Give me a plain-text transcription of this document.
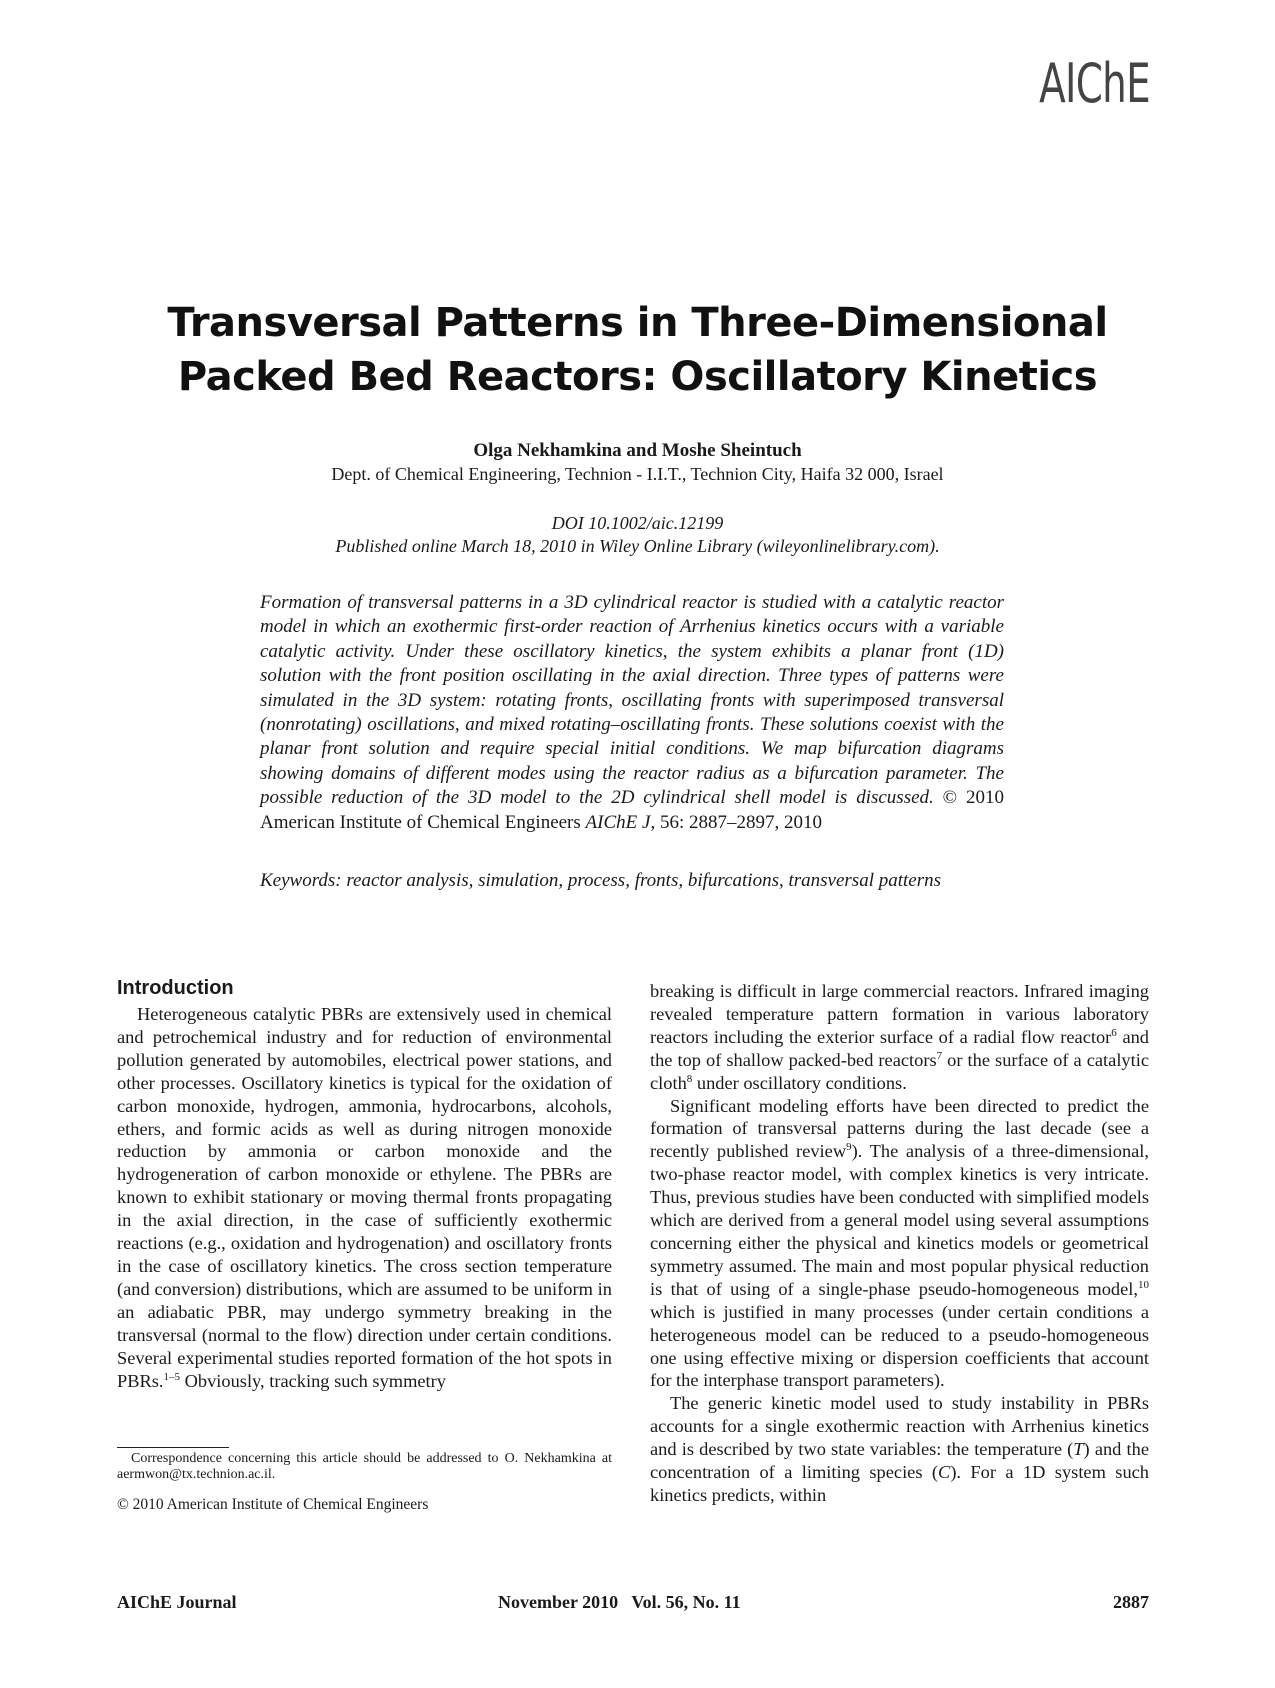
AIChE
Transversal Patterns in Three-Dimensional
Packed Bed Reactors: Oscillatory Kinetics
Olga Nekhamkina and Moshe Sheintuch
Dept. of Chemical Engineering, Technion - I.I.T., Technion City, Haifa 32 000, Israel
DOI 10.1002/aic.12199
Published online March 18, 2010 in Wiley Online Library (wileyonlinelibrary.com).
Formation of transversal patterns in a 3D cylindrical reactor is studied with a catalytic reactor model in which an exothermic first-order reaction of Arrhenius kinetics occurs with a variable catalytic activity. Under these oscillatory kinetics, the system exhibits a planar front (1D) solution with the front position oscillating in the axial direction. Three types of patterns were simulated in the 3D system: rotating fronts, oscillating fronts with superimposed transversal (nonrotating) oscillations, and mixed rotating–oscillating fronts. These solutions coexist with the planar front solution and require special initial conditions. We map bifurcation diagrams showing domains of different modes using the reactor radius as a bifurcation parameter. The possible reduction of the 3D model to the 2D cylindrical shell model is discussed. © 2010 American Institute of Chemical Engineers AIChE J, 56: 2887–2897, 2010
Keywords: reactor analysis, simulation, process, fronts, bifurcations, transversal patterns
Introduction

Heterogeneous catalytic PBRs are extensively used in chemical and petrochemical industry and for reduction of environmental pollution generated by automobiles, electrical power stations, and other processes. Oscillatory kinetics is typical for the oxidation of carbon monoxide, hydrogen, ammonia, hydrocarbons, alcohols, ethers, and formic acids as well as during nitrogen monoxide reduction by ammonia or carbon monoxide and the hydrogeneration of carbon monoxide or ethylene. The PBRs are known to exhibit stationary or moving thermal fronts propagating in the axial direction, in the case of sufficiently exothermic reactions (e.g., oxidation and hydrogenation) and oscillatory fronts in the case of oscillatory kinetics. The cross section temperature (and conversion) distributions, which are assumed to be uniform in an adiabatic PBR, may undergo symmetry breaking in the transversal (normal to the flow) direction under certain conditions. Several experimental studies reported formation of the hot spots in PBRs.$^{1-5}$ Obviously, tracking such symmetry

breaking is difficult in large commercial reactors. Infrared imaging revealed temperature pattern formation in various laboratory reactors including the exterior surface of a radial flow reactor$^6$ and the top of shallow packed-bed reactors$^7$ or the surface of a catalytic cloth$^8$ under oscillatory conditions.

Significant modeling efforts have been directed to predict the formation of transversal patterns during the last decade (see a recently published review$^9$). The analysis of a three-dimensional, two-phase reactor model, with complex kinetics is very intricate. Thus, previous studies have been conducted with simplified models which are derived from a general model using several assumptions concerning either the physical and kinetics models or geometrical symmetry assumed. The main and most popular physical reduction is that of using of a single-phase pseudo-homogeneous model,$^{10}$ which is justified in many processes (under certain conditions a heterogeneous model can be reduced to a pseudo-homogeneous one using effective mixing or dispersion coefficients that account for the interphase transport parameters).

The generic kinetic model used to study instability in PBRs accounts for a single exothermic reaction with Arrhenius kinetics and is described by two state variables: the temperature (T) and the concentration of a limiting species (C). For a 1D system such kinetics predicts, within

Correspondence concerning this article should be addressed to O. Nekhamkina at aermwon@tx.technion.ac.il.
© 2010 American Institute of Chemical Engineers
AIChE Journal	November 2010   Vol. 56, No. 11	2887
